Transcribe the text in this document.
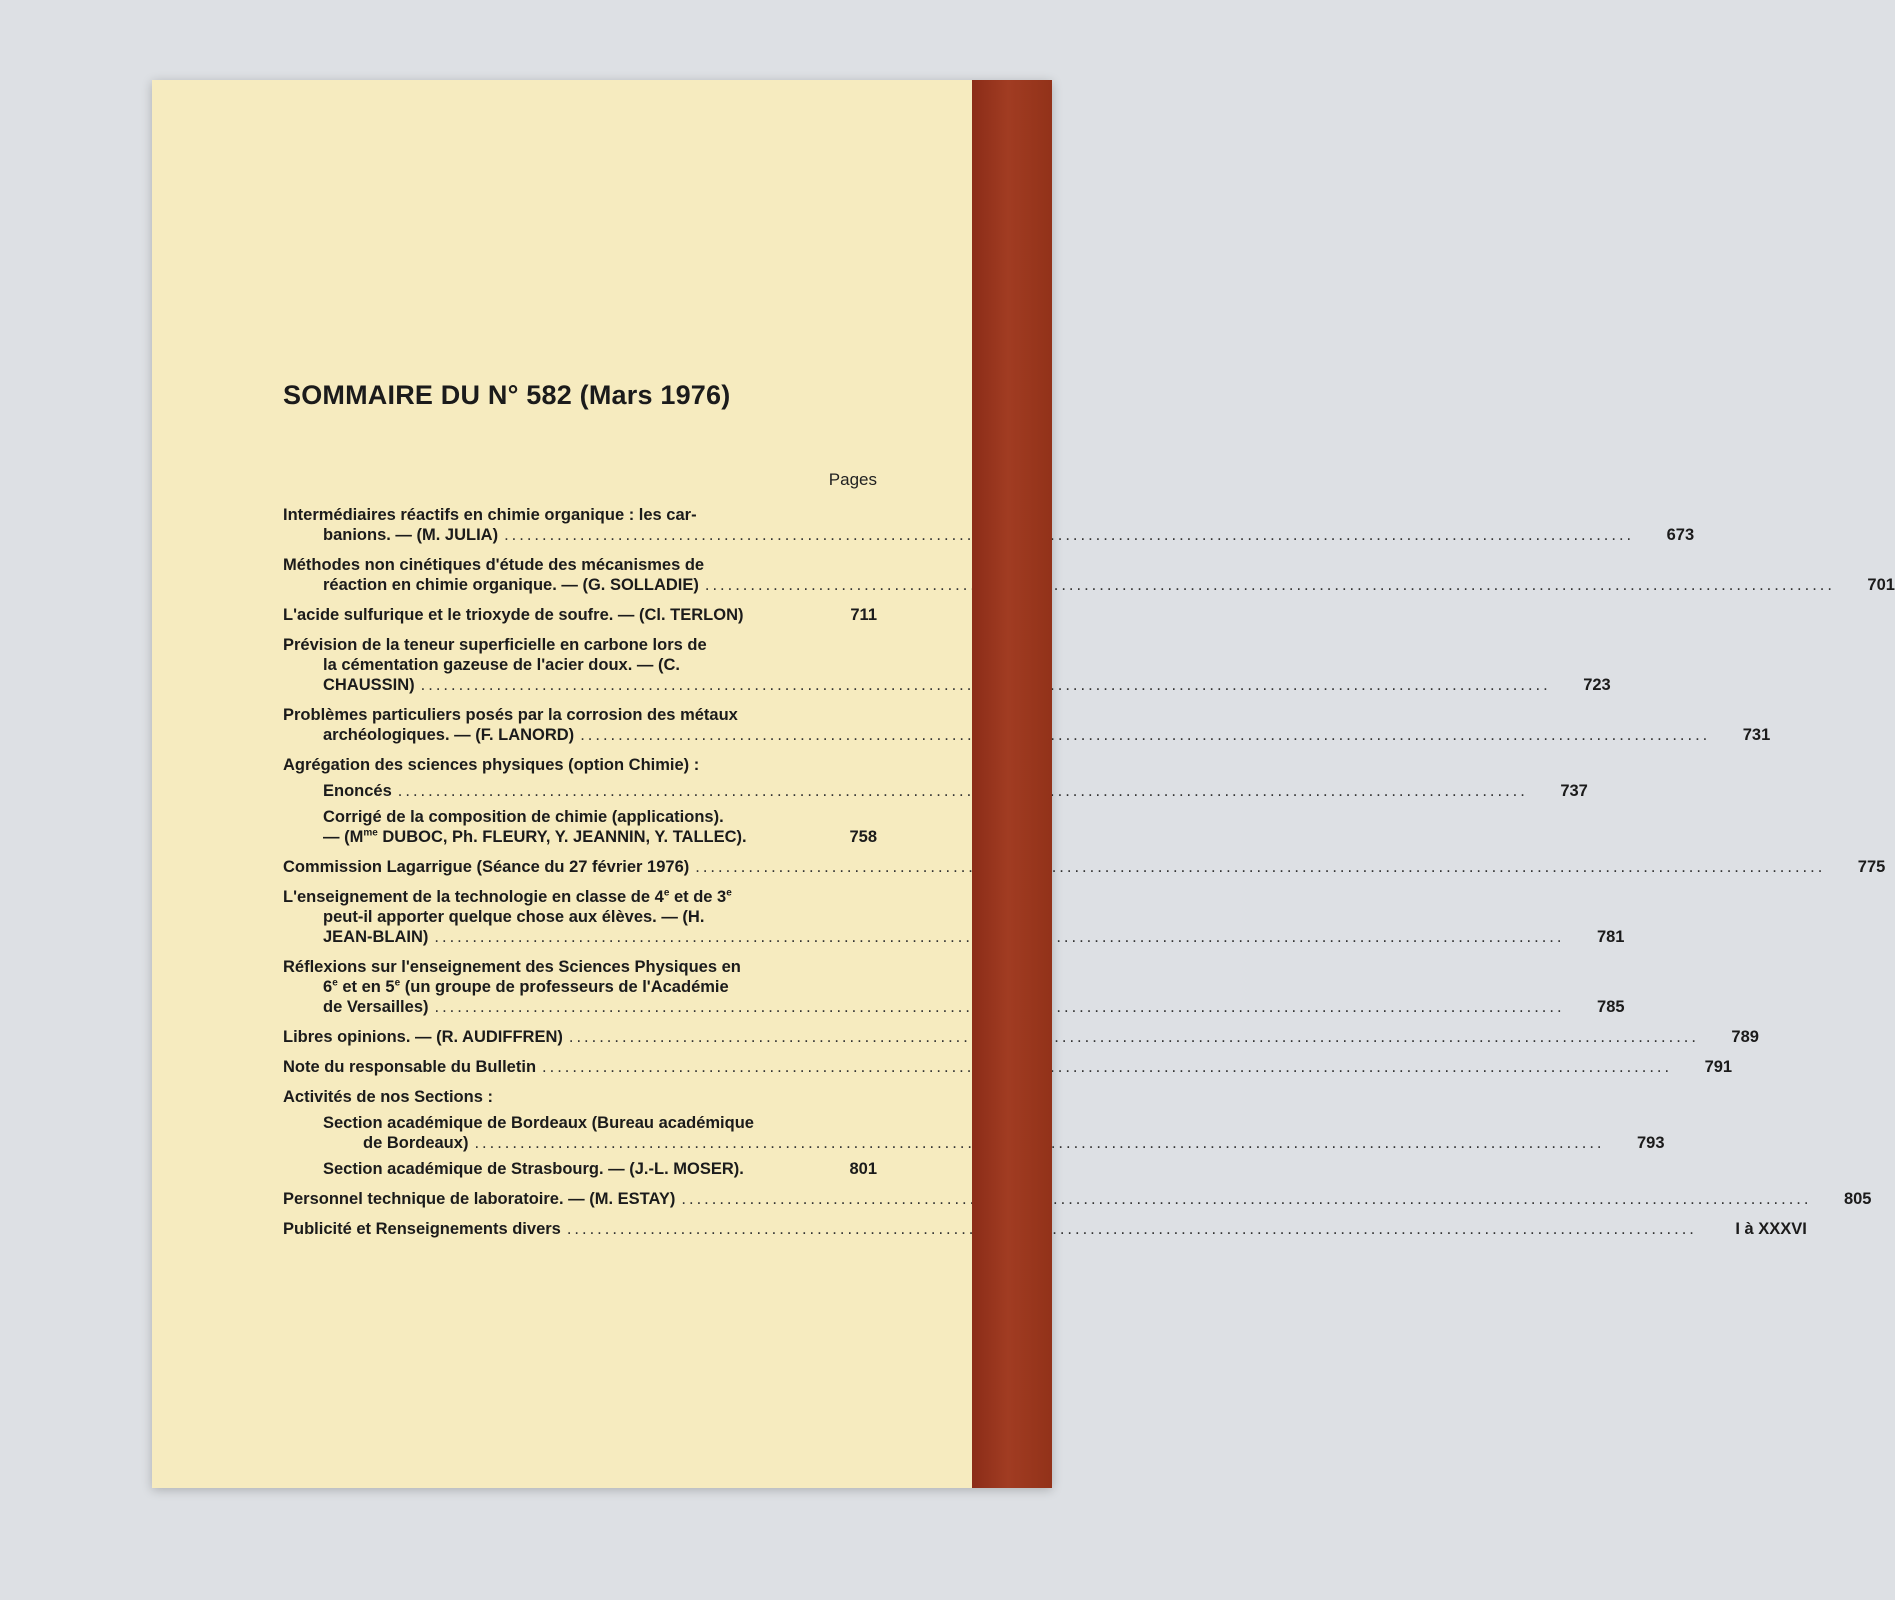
SOMMAIRE DU N° 582 (Mars 1976)
Pages
Intermédiaires réactifs en chimie organique : les car-
banions. — (M. JULIA) .....	673
Méthodes non cinétiques d'étude des mécanismes de
réaction en chimie organique. — (G. SOLLADIE) .....	701
L'acide sulfurique et le trioxyde de soufre. — (Cl. TERLON)	711
Prévision de la teneur superficielle en carbone lors de
la cémentation gazeuse de l'acier doux. — (C.
CHAUSSIN) .....	723
Problèmes particuliers posés par la corrosion des métaux
archéologiques. — (F. LANORD) .....	731
Agrégation des sciences physiques (option Chimie) :
Enoncés .....	737
Corrigé de la composition de chimie (applications).
— ($M^{me}$ DUBOC, Ph. FLEURY, Y. JEANNIN, Y. TALLEC).	758
Commission Lagarrigue (Séance du 27 février 1976) .....	775
L'enseignement de la technologie en classe de 4e et de 3e
peut-il apporter quelque chose aux élèves. — (H.
JEAN-BLAIN) .....	781
Réflexions sur l'enseignement des Sciences Physiques en
6e et en 5e (un groupe de professeurs de l'Académie
de Versailles) .....	785
Libres opinions. — (R. AUDIFFREN) .....	789
Note du responsable du Bulletin .....	791
Activités de nos Sections :
Section académique de Bordeaux (Bureau académique
de Bordeaux) .....	793
Section académique de Strasbourg. — (J.-L. MOSER).	801
Personnel technique de laboratoire. — (M. ESTAY) .....	805
Publicité et Renseignements divers .....	I à XXXVI
